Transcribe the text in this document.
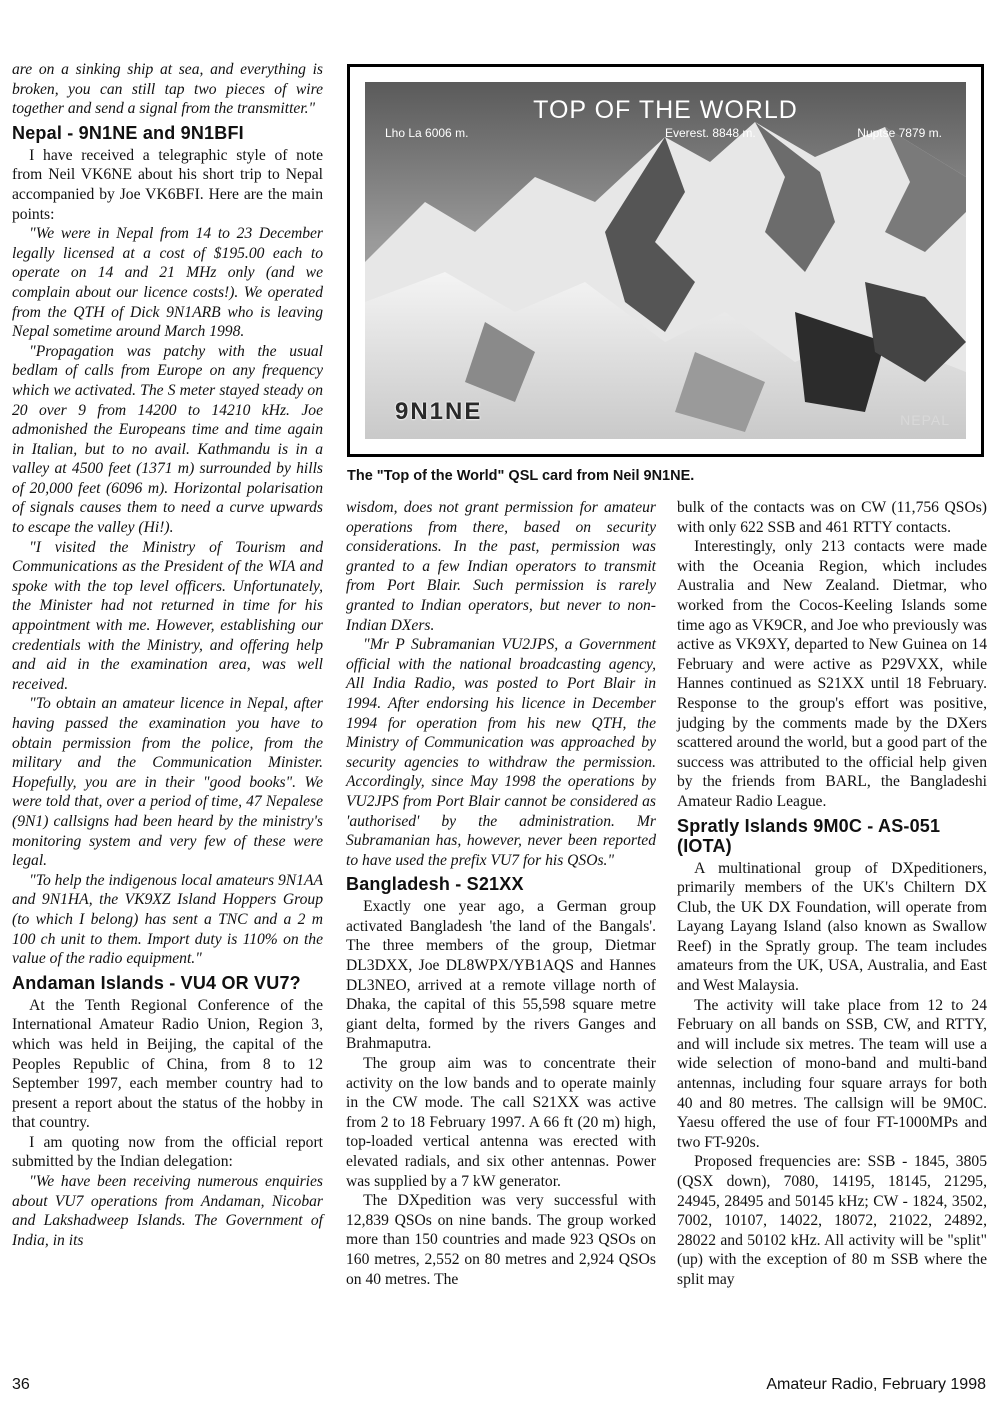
are on a sinking ship at sea, and everything is broken, you can still tap two pieces of wire together and send a signal from the transmitter."

Nepal - 9N1NE and 9N1BFI

I have received a telegraphic style of note from Neil VK6NE about his short trip to Nepal accompanied by Joe VK6BFI. Here are the main points:

"We were in Nepal from 14 to 23 December legally licensed at a cost of $195.00 each to operate on 14 and 21 MHz only (and we complain about our licence costs!). We operated from the QTH of Dick 9N1ARB who is leaving Nepal sometime around March 1998.

"Propagation was patchy with the usual bedlam of calls from Europe on any frequency which we activated. The S meter stayed steady on 20 over 9 from 14200 to 14210 kHz. Joe admonished the Europeans time and time again in Italian, but to no avail. Kathmandu is in a valley at 4500 feet (1371 m) surrounded by hills of 20,000 feet (6096 m). Horizontal polarisation of signals causes them to need a curve upwards to escape the valley (Hi!).

"I visited the Ministry of Tourism and Communications as the President of the WIA and spoke with the top level officers. Unfortunately, the Minister had not returned in time for his appointment with me. However, establishing our credentials with the Ministry, and offering help and aid in the examination area, was well received.

"To obtain an amateur licence in Nepal, after having passed the examination you have to obtain permission from the police, from the military and the Communication Minister. Hopefully, you are in their "good books". We were told that, over a period of time, 47 Nepalese (9N1) callsigns had been heard by the ministry's monitoring system and very few of these were legal.

"To help the indigenous local amateurs 9N1AA and 9N1HA, the VK9XZ Island Hoppers Group (to which I belong) has sent a TNC and a 2 m 100 ch unit to them. Import duty is 110% on the value of the radio equipment."

Andaman Islands - VU4 OR VU7?

At the Tenth Regional Conference of the International Amateur Radio Union, Region 3, which was held in Beijing, the capital of the Peoples Republic of China, from 8 to 12 September 1997, each member country had to present a report about the status of the hobby in that country.

I am quoting now from the official report submitted by the Indian delegation:

"We have been receiving numerous enquiries about VU7 operations from Andaman, Nicobar and Lakshadweep Islands. The Government of India, in its

TOP OF THE WORLD
Lho La 6006 m.	Everest. 8848 m.	Nuptse 7879 m.
9N1NE	NEPAL
The "Top of the World" QSL card from Neil 9N1NE.

wisdom, does not grant permission for amateur operations from there, based on security considerations. In the past, permission was granted to a few Indian operators to transmit from Port Blair. Such permission is rarely granted to Indian operators, but never to non-Indian DXers.

"Mr P Subramanian VU2JPS, a Government official with the national broadcasting agency, All India Radio, was posted to Port Blair in 1994. After endorsing his licence in December 1994 for operation from his new QTH, the Ministry of Communication was approached by security agencies to withdraw the permission. Accordingly, since May 1998 the operations by VU2JPS from Port Blair cannot be considered as 'authorised' by the administration. Mr Subramanian has, however, never been reported to have used the prefix VU7 for his QSOs."

Bangladesh - S21XX

Exactly one year ago, a German group activated Bangladesh 'the land of the Bangals'. The three members of the group, Dietmar DL3DXX, Joe DL8WPX/YB1AQS and Hannes DL3NEO, arrived at a remote village north of Dhaka, the capital of this 55,598 square metre giant delta, formed by the rivers Ganges and Brahmaputra.

The group aim was to concentrate their activity on the low bands and to operate mainly in the CW mode. The call S21XX was active from 2 to 18 February 1997. A 66 ft (20 m) high, top-loaded vertical antenna was erected with elevated radials, and six other antennas. Power was supplied by a 7 kW generator.

The DXpedition was very successful with 12,839 QSOs on nine bands. The group worked more than 150 countries and made 923 QSOs on 160 metres, 2,552 on 80 metres and 2,924 QSOs on 40 metres. The

bulk of the contacts was on CW (11,756 QSOs) with only 622 SSB and 461 RTTY contacts.

Interestingly, only 213 contacts were made with the Oceania Region, which includes Australia and New Zealand. Dietmar, who worked from the Cocos-Keeling Islands some time ago as VK9CR, and Joe who previously was active as VK9XY, departed to New Guinea on 14 February and were active as P29VXX, while Hannes continued as S21XX until 18 February. Response to the group's effort was positive, judging by the comments made by the DXers scattered around the world, but a good part of the success was attributed to the official help given by the friends from BARL, the Bangladeshi Amateur Radio League.

Spratly Islands 9M0C - AS-051 (IOTA)

A multinational group of DXpeditioners, primarily members of the UK's Chiltern DX Club, the UK DX Foundation, will operate from Layang Layang Island (also known as Swallow Reef) in the Spratly group. The team includes amateurs from the UK, USA, Australia, and East and West Malaysia.

The activity will take place from 12 to 24 February on all bands on SSB, CW, and RTTY, and will include six metres. The team will use a wide selection of mono-band and multi-band antennas, including four square arrays for both 40 and 80 metres. The callsign will be 9M0C. Yaesu offered the use of four FT-1000MPs and two FT-920s.

Proposed frequencies are: SSB - 1845, 3805 (QSX down), 7080, 14195, 18145, 21295, 24945, 28495 and 50145 kHz; CW - 1824, 3502, 7002, 10107, 14022, 18072, 21022, 24892, 28022 and 50102 kHz. All activity will be "split" (up) with the exception of 80 m SSB where the split may

36	Amateur Radio, February 1998
